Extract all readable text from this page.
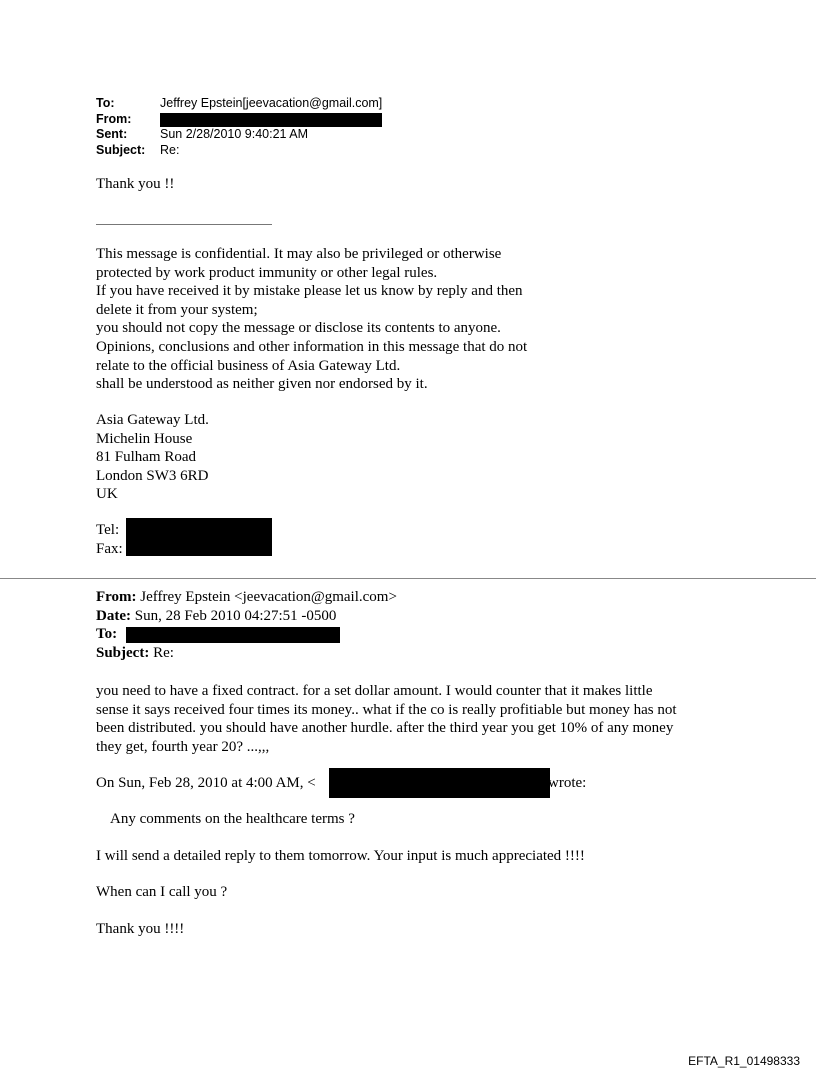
To:	Jeffrey Epstein[jeevacation@gmail.com]
From:
Sent:	Sun 2/28/2010 9:40:21 AM
Subject:	Re:
Thank you !!
This message is confidential. It may also be privileged or otherwise
protected by work product immunity or other legal rules.
If you have received it by mistake please let us know by reply and then
delete it from your system;
you should not copy the message or disclose its contents to anyone.
Opinions, conclusions and other information in this message that do not
relate to the official business of Asia Gateway Ltd.
shall be understood as neither given nor endorsed by it.
Asia Gateway Ltd.
Michelin House
81 Fulham Road
London SW3 6RD
UK
Tel:
Fax:
From: Jeffrey Epstein <jeevacation@gmail.com>
Date: Sun, 28 Feb 2010 04:27:51 -0500
To:
Subject: Re:
you need to have a fixed contract. for a set dollar amount. I would counter that it makes little
sense it says received four times its money.. what if the co is really profitiable but money has not
been distributed. you should have another hurdle. after the third year you get 10% of any money
they get, fourth year 20? ...,,,
On Sun, Feb 28, 2010 at 4:00 AM, <	wrote:
Any comments on the healthcare terms ?
I will send a detailed reply to them tomorrow. Your input is much appreciated !!!!
When can I call you ?
Thank you !!!!
EFTA_R1_01498333
